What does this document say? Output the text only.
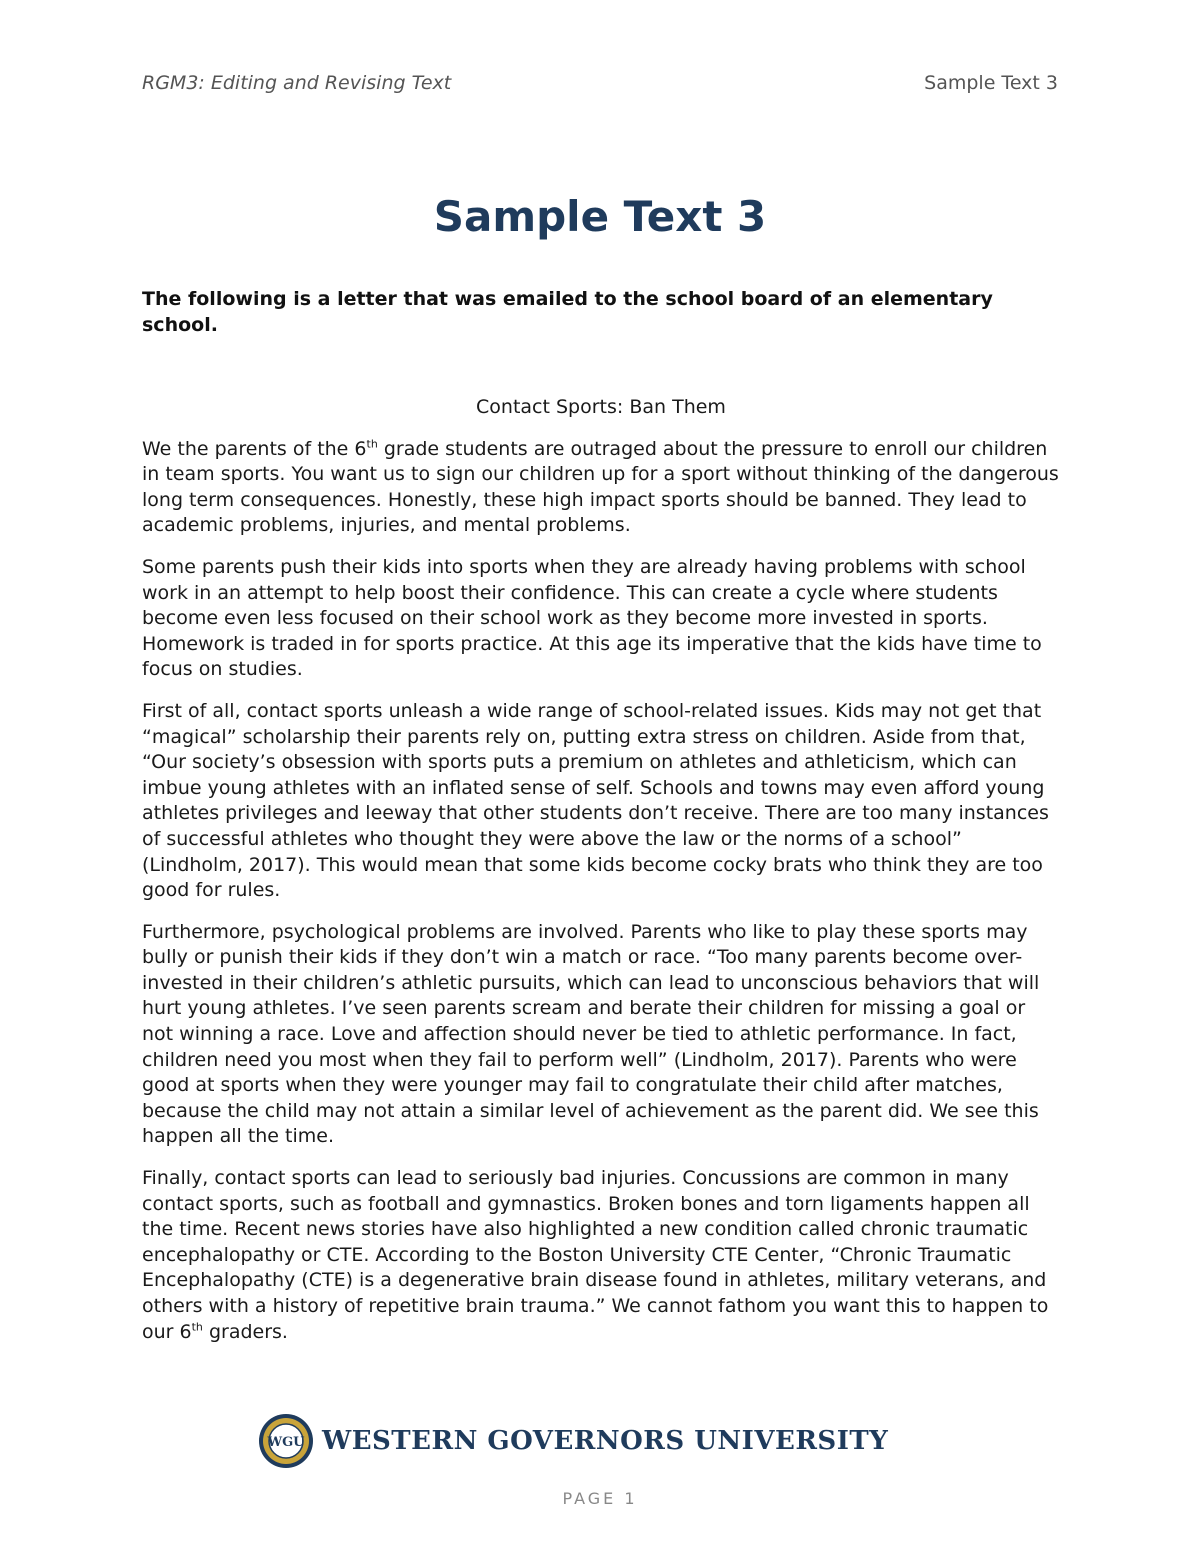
RGM3: Editing and Revising Text	Sample Text 3
Sample Text 3
The following is a letter that was emailed to the school board of an elementary school.
Contact Sports: Ban Them

We the parents of the 6th grade students are outraged about the pressure to enroll our children in team sports. You want us to sign our children up for a sport without thinking of the dangerous long term consequences. Honestly, these high impact sports should be banned. They lead to academic problems, injuries, and mental problems.

Some parents push their kids into sports when they are already having problems with school work in an attempt to help boost their confidence. This can create a cycle where students become even less focused on their school work as they become more invested in sports. Homework is traded in for sports practice. At this age its imperative that the kids have time to focus on studies.

First of all, contact sports unleash a wide range of school-related issues. Kids may not get that “magical” scholarship their parents rely on, putting extra stress on children. Aside from that, “Our society’s obsession with sports puts a premium on athletes and athleticism, which can imbue young athletes with an inflated sense of self. Schools and towns may even afford young athletes privileges and leeway that other students don’t receive. There are too many instances of successful athletes who thought they were above the law or the norms of a school” (Lindholm, 2017). This would mean that some kids become cocky brats who think they are too good for rules.

Furthermore, psychological problems are involved. Parents who like to play these sports may bully or punish their kids if they don’t win a match or race. “Too many parents become over-invested in their children’s athletic pursuits, which can lead to unconscious behaviors that will hurt young athletes. I’ve seen parents scream and berate their children for missing a goal or not winning a race. Love and affection should never be tied to athletic performance. In fact, children need you most when they fail to perform well” (Lindholm, 2017). Parents who were good at sports when they were younger may fail to congratulate their child after matches, because the child may not attain a similar level of achievement as the parent did. We see this happen all the time.

Finally, contact sports can lead to seriously bad injuries. Concussions are common in many contact sports, such as football and gymnastics. Broken bones and torn ligaments happen all the time. Recent news stories have also highlighted a new condition called chronic traumatic encephalopathy or CTE. According to the Boston University CTE Center, “Chronic Traumatic Encephalopathy (CTE) is a degenerative brain disease found in athletes, military veterans, and others with a history of repetitive brain trauma.” We cannot fathom you want this to happen to our 6th graders.

WGU WESTERN GOVERNORS UNIVERSITY
PAGE 1
